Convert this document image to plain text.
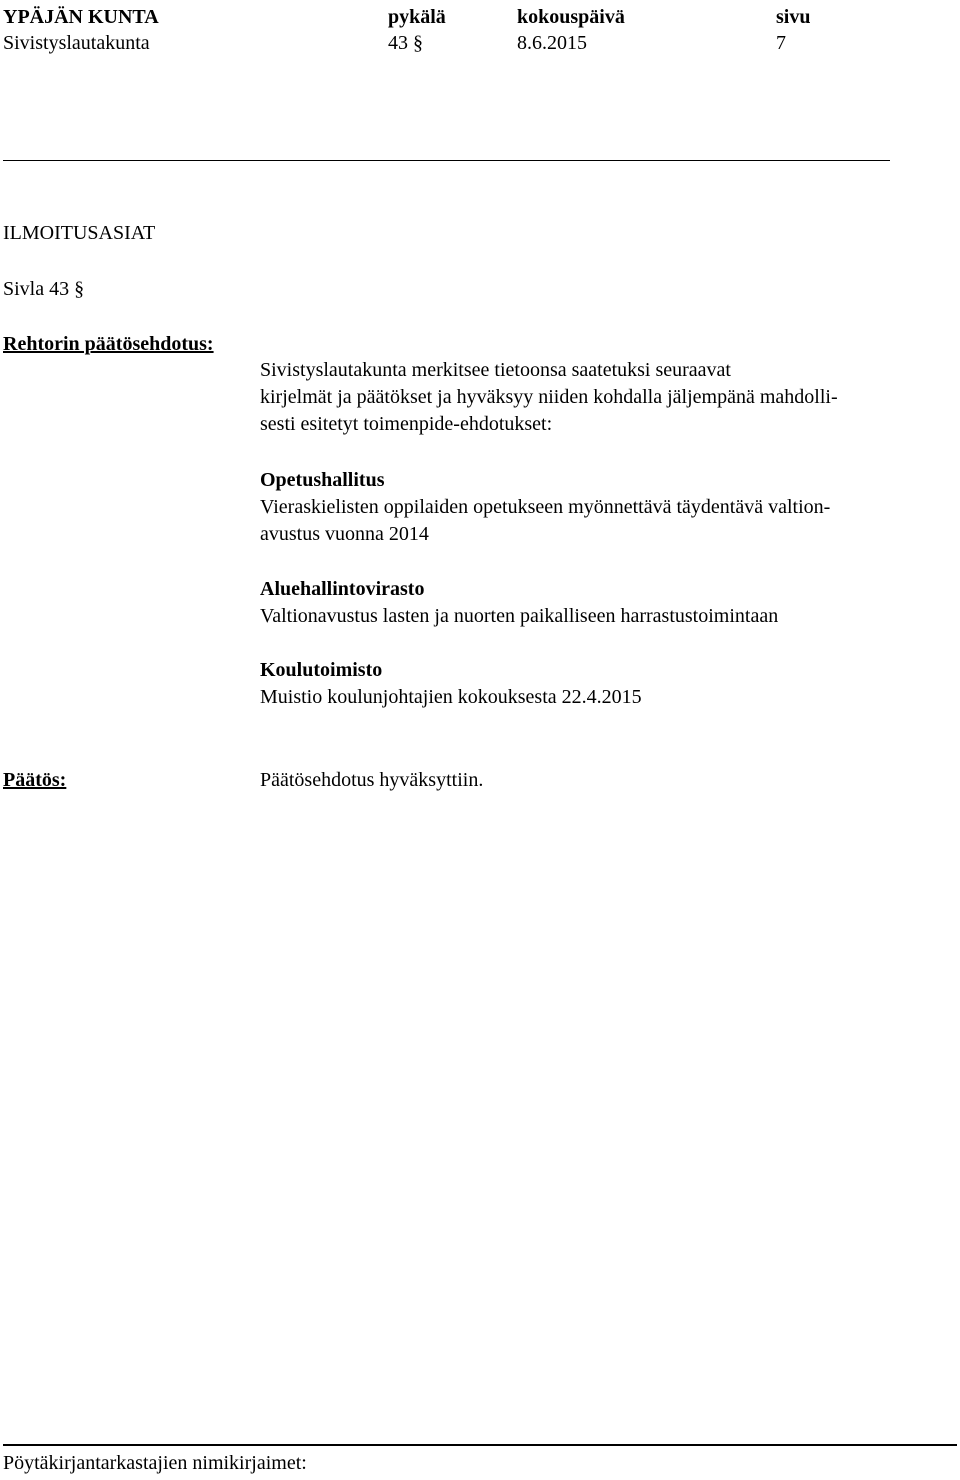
YPÄJÄN KUNTA
Sivistyslautakunta
pykälä
43 §
kokouspäivä
8.6.2015
sivu
7
ILMOITUSASIAT
Sivla 43 §
Rehtorin päätösehdotus:
Sivistyslautakunta merkitsee tietoonsa saatetuksi seuraavat
kirjelmät ja päätökset ja hyväksyy niiden kohdalla jäljempänä mahdolli-
sesti esitetyt toimenpide-ehdotukset:
Opetushallitus
Vieraskielisten oppilaiden opetukseen myönnettävä täydentävä valtion-
avustus vuonna 2014
Aluehallintovirasto
Valtionavustus lasten ja nuorten paikalliseen harrastustoimintaan
Koulutoimisto
Muistio koulunjohtajien kokouksesta 22.4.2015
Päätös:	Päätösehdotus hyväksyttiin.
Pöytäkirjantarkastajien nimikirjaimet:
